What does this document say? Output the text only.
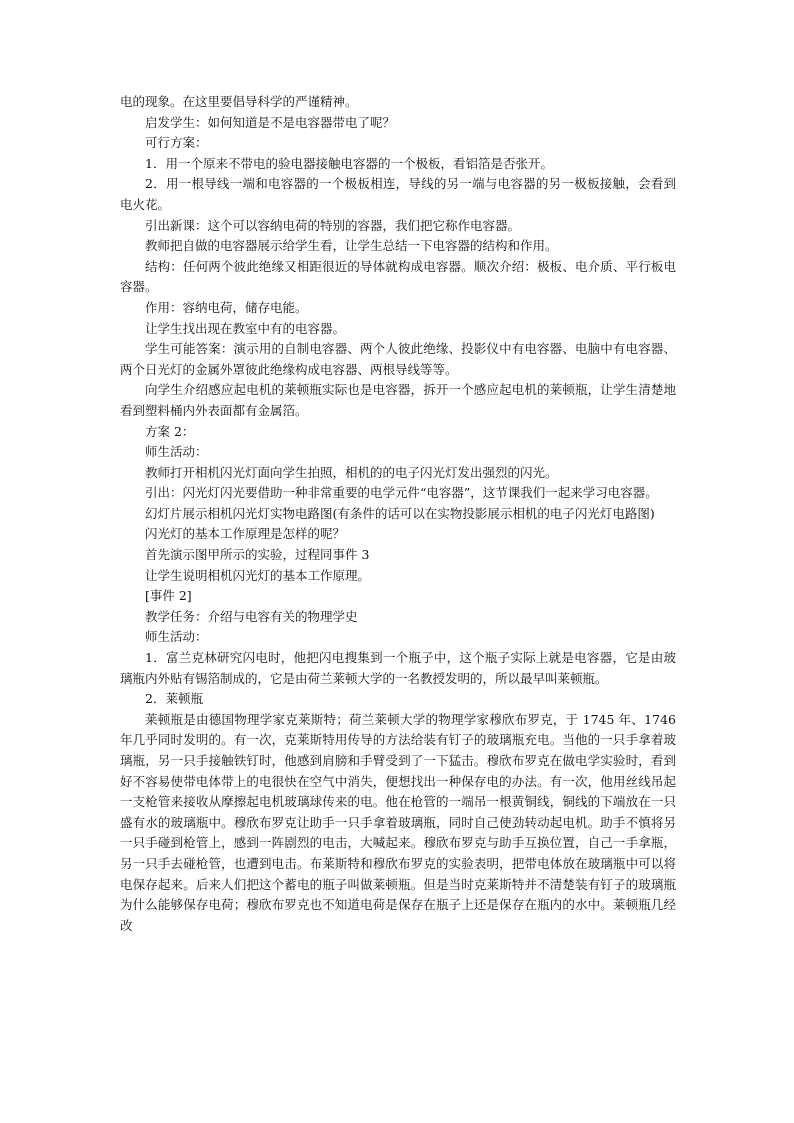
电的现象。在这里要倡导科学的严谨精神。

启发学生：如何知道是不是电容器带电了呢？

可行方案：

1．用一个原来不带电的验电器接触电容器的一个极板，看铝箔是否张开。

2．用一根导线一端和电容器的一个极板相连，导线的另一端与电容器的另一极板接触，会看到电火花。

引出新课：这个可以容纳电荷的特别的容器，我们把它称作电容器。

教师把自做的电容器展示给学生看，让学生总结一下电容器的结构和作用。

结构：任何两个彼此绝缘又相距很近的导体就构成电容器。顺次介绍：极板、电介质、平行板电容器。

作用：容纳电荷，储存电能。

让学生找出现在教室中有的电容器。

学生可能答案：演示用的自制电容器、两个人彼此绝缘、投影仪中有电容器、电脑中有电容器、两个日光灯的金属外罩彼此绝缘构成电容器、两根导线等等。

向学生介绍感应起电机的莱顿瓶实际也是电容器，拆开一个感应起电机的莱顿瓶，让学生清楚地看到塑料桶内外表面都有金属箔。

方案 2：

师生活动：

教师打开相机闪光灯面向学生拍照，相机的的电子闪光灯发出强烈的闪光。

引出：闪光灯闪光要借助一种非常重要的电学元件“电容器”，这节课我们一起来学习电容器。

幻灯片展示相机闪光灯实物电路图(有条件的话可以在实物投影展示相机的电子闪光灯电路图)

闪光灯的基本工作原理是怎样的呢？

首先演示图甲所示的实验，过程同事件 3

让学生说明相机闪光灯的基本工作原理。

[事件 2]

教学任务：介绍与电容有关的物理学史

师生活动：

1．富兰克林研究闪电时，他把闪电搜集到一个瓶子中，这个瓶子实际上就是电容器，它是由玻璃瓶内外贴有锡箔制成的，它是由荷兰莱顿大学的一名教授发明的，所以最早叫莱顿瓶。

2．莱顿瓶

莱顿瓶是由德国物理学家克莱斯特；荷兰莱顿大学的物理学家穆欣布罗克，于 1745 年、1746 年几乎同时发明的。有一次，克莱斯特用传导的方法给装有钉子的玻璃瓶充电。当他的一只手拿着玻璃瓶，另一只手接触铁钉时，他感到肩膀和手臂受到了一下猛击。穆欣布罗克在做电学实验时，看到好不容易使带电体带上的电很快在空气中消失，便想找出一种保存电的办法。有一次，他用丝线吊起一支枪管来接收从摩擦起电机玻璃球传来的电。他在枪管的一端吊一根黄铜线，铜线的下端放在一只盛有水的玻璃瓶中。穆欣布罗克让助手一只手拿着玻璃瓶，同时自己使劲转动起电机。助手不慎将另一只手碰到枪管上，感到一阵剧烈的电击，大喊起来。穆欣布罗克与助手互换位置，自己一手拿瓶，另一只手去碰枪管，也遭到电击。布莱斯特和穆欣布罗克的实验表明，把带电体放在玻璃瓶中可以将电保存起来。后来人们把这个蓄电的瓶子叫做莱顿瓶。但是当时克莱斯特并不清楚装有钉子的玻璃瓶为什么能够保存电荷；穆欣布罗克也不知道电荷是保存在瓶子上还是保存在瓶内的水中。莱顿瓶几经改
